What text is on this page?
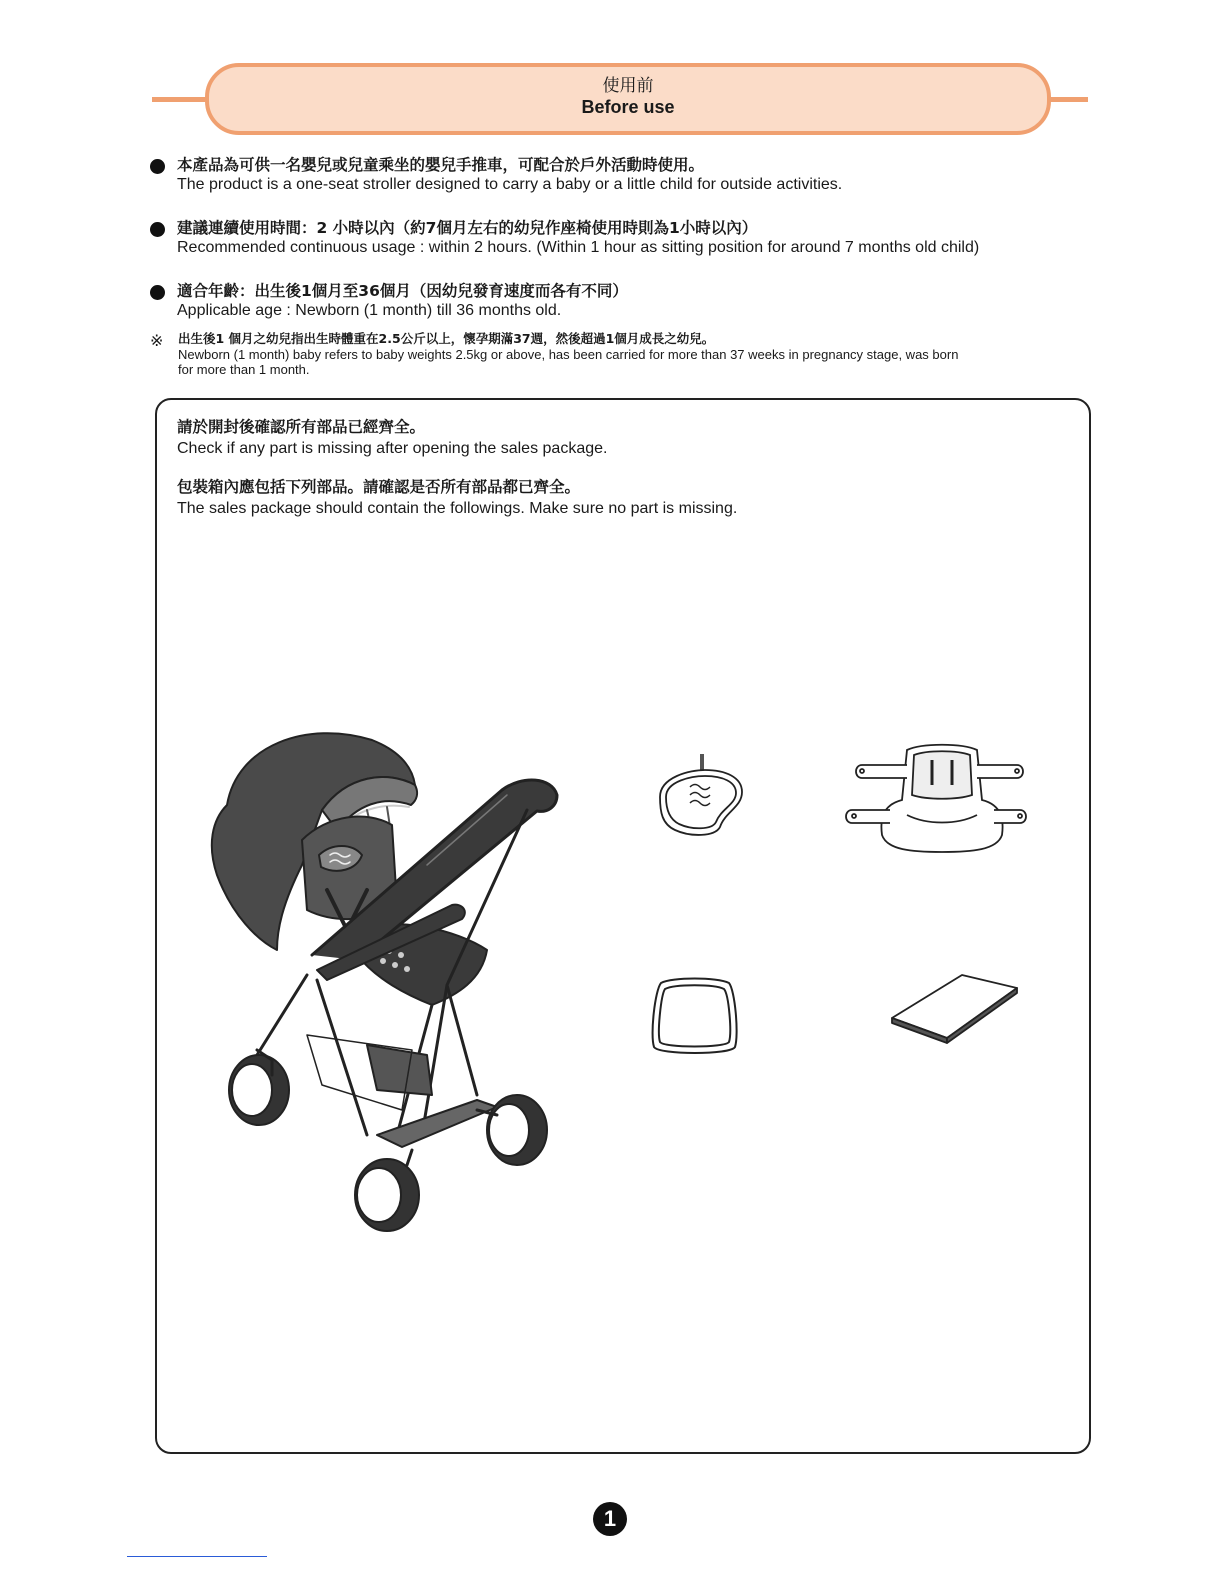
使用前
Before use
本產品為可供一名嬰兒或兒童乘坐的嬰兒手推車，可配合於戶外活動時使用。
The product is a one-seat stroller designed to carry a baby or a little child for outside activities.
建議連續使用時間：2 小時以內（約7個月左右的幼兒作座椅使用時則為1小時以內）
Recommended continuous usage : within 2 hours. (Within 1 hour as sitting position for around 7 months old child)
適合年齡：出生後1個月至36個月（因幼兒發育速度而各有不同）
Applicable age : Newborn (1 month) till 36 months old.
※ 出生後1 個月之幼兒指出生時體重在2.5公斤以上，懷孕期滿37週，然後超過1個月成長之幼兒。
Newborn (1 month) baby refers to baby weights 2.5kg or above, has been carried for more than 37 weeks in pregnancy stage, was born
for more than 1 month.
請於開封後確認所有部品已經齊全。
Check if any part is missing after opening the sales package.
包裝箱內應包括下列部品。請確認是否所有部品都已齊全。
The sales package should contain the followings. Make sure no part is missing.
1
